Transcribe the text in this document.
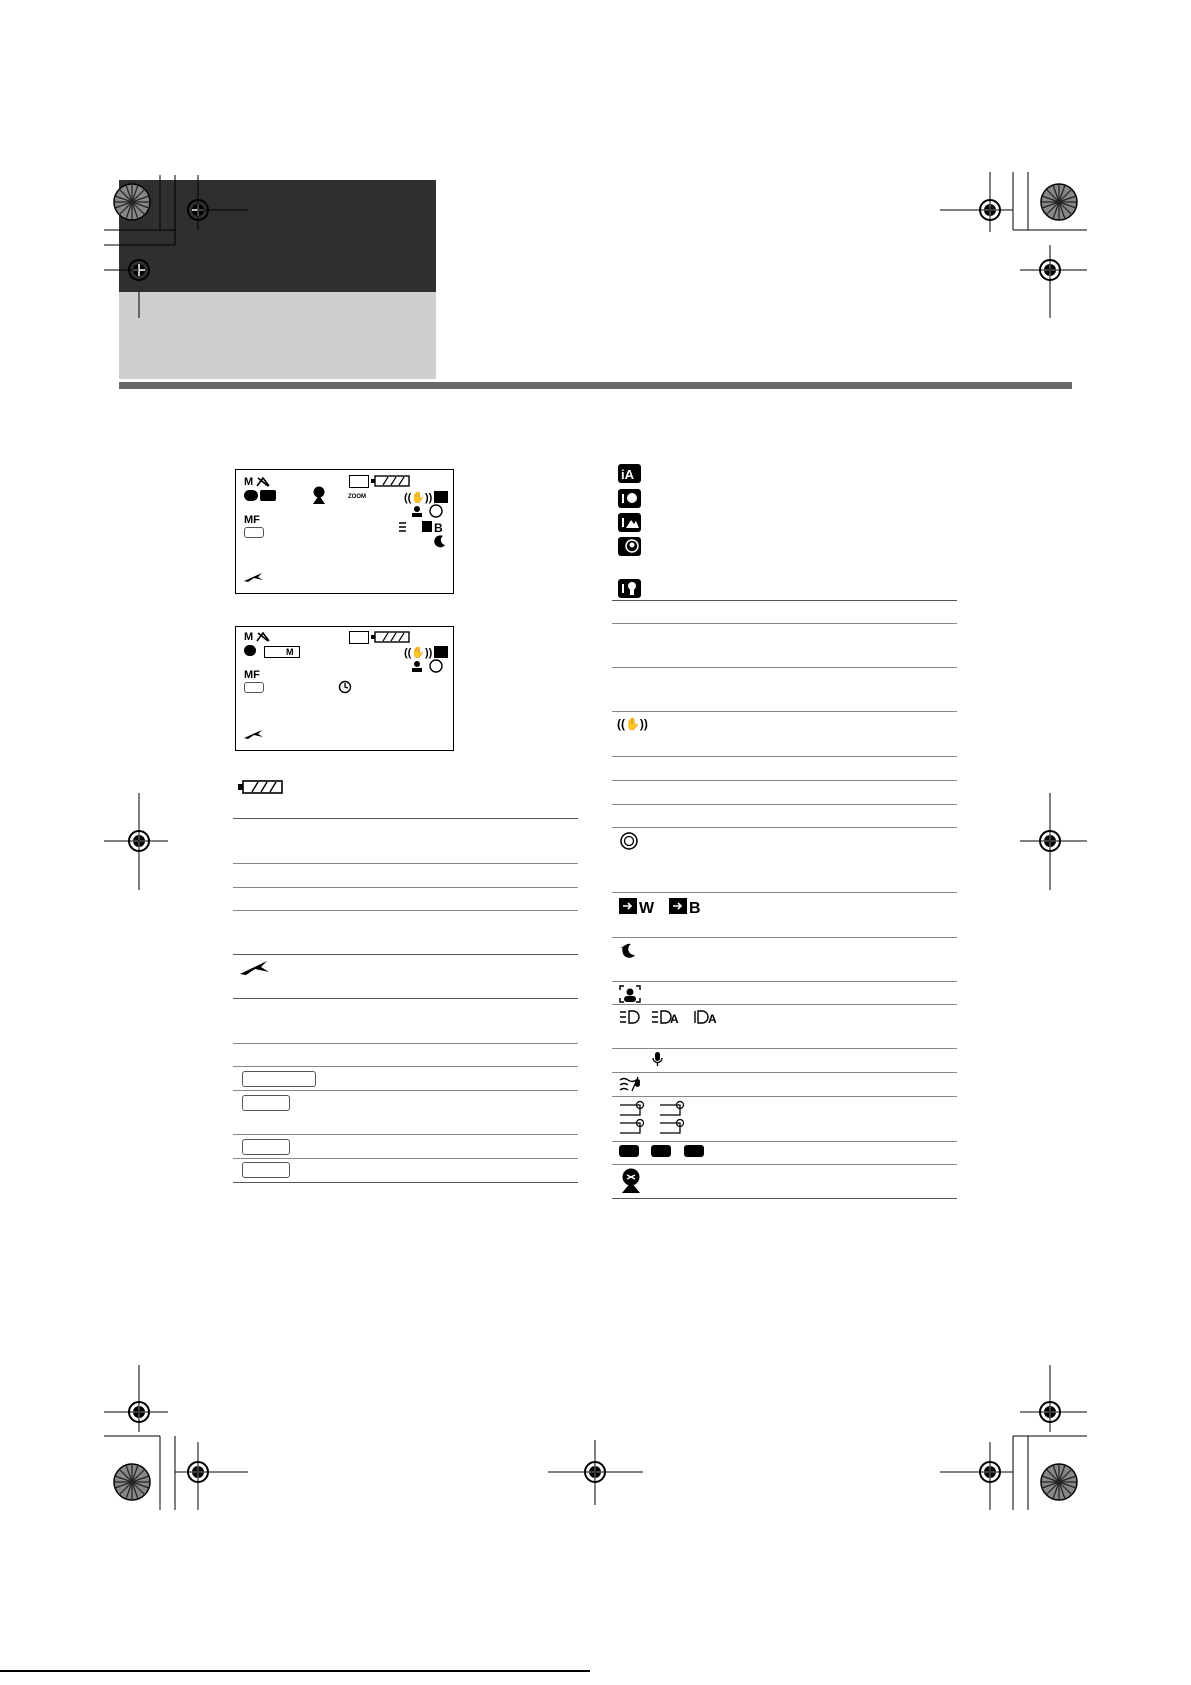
M
ZOOM	((✋))
MF
B
M
M	((✋))
MF
iA
((✋))
W B
A A
